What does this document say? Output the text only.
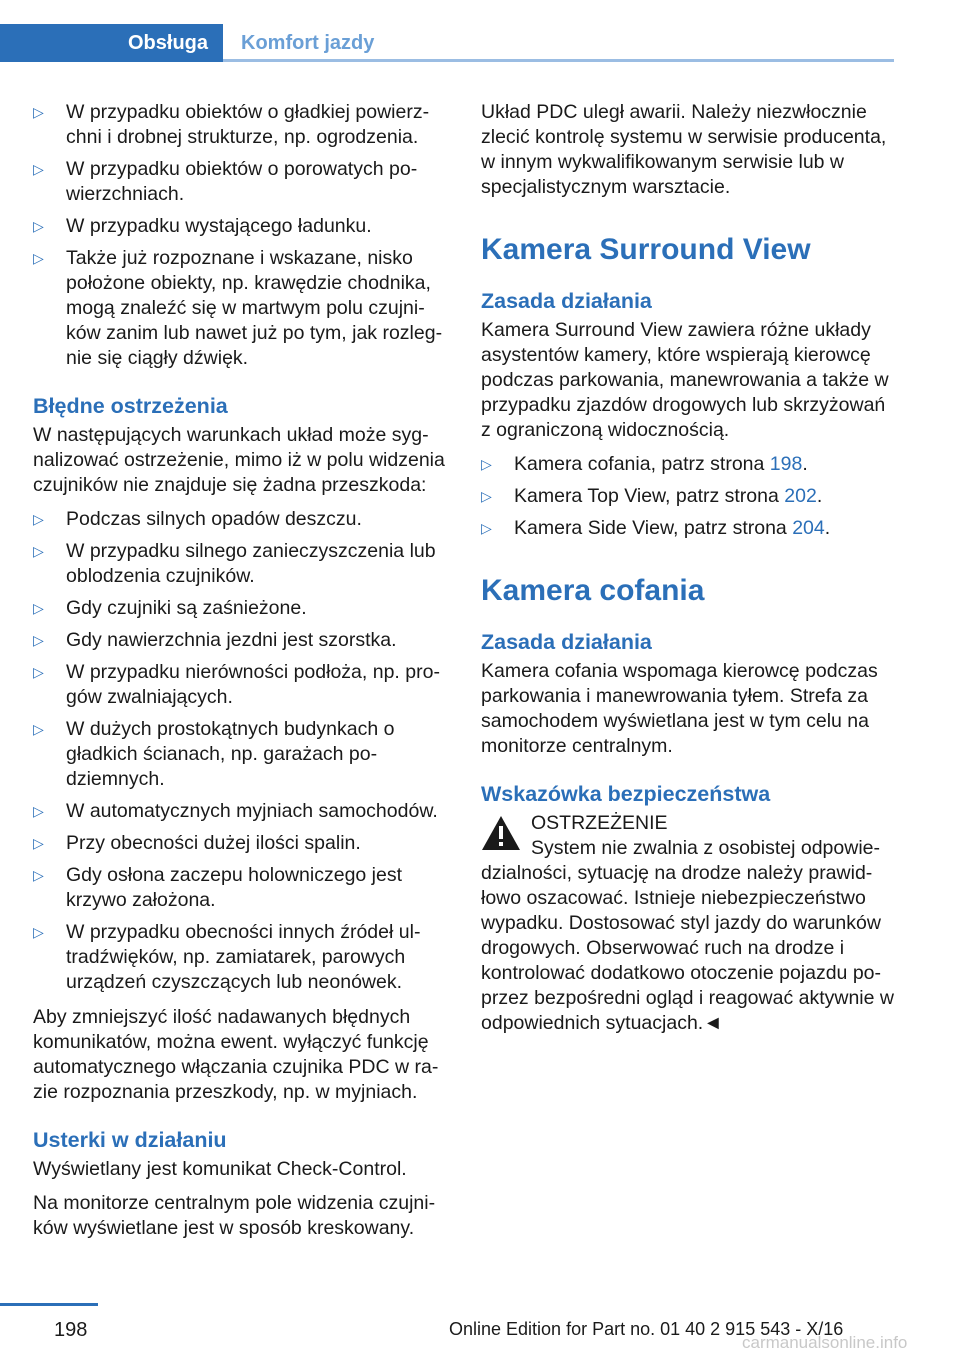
Obsługa	Komfort jazdy
▷ W przypadku obiektów o gładkiej powierzchni i drobnej strukturze, np. ogrodzenia.
▷ W przypadku obiektów o porowatych powierzchniach.
▷ W przypadku wystającego ładunku.
▷ Także już rozpoznane i wskazane, nisko położone obiekty, np. krawędzie chodnika, mogą znaleźć się w martwym polu czujników zanim lub nawet już po tym, jak rozlegnie się ciągły dźwięk.
Błędne ostrzeżenia

W następujących warunkach układ może sygnalizować ostrzeżenie, mimo iż w polu widzenia czujników nie znajduje się żadna przeszkoda:

▷ Podczas silnych opadów deszczu.
▷ W przypadku silnego zanieczyszczenia lub oblodzenia czujników.
▷ Gdy czujniki są zaśnieżone.
▷ Gdy nawierzchnia jezdni jest szorstka.
▷ W przypadku nierówności podłoża, np. progów zwalniających.
▷ W dużych prostokątnych budynkach o gładkich ścianach, np. garażach podziemnych.
▷ W automatycznych myjniach samochodów.
▷ Przy obecności dużej ilości spalin.
▷ Gdy osłona zaczepu holowniczego jest krzywo założona.
▷ W przypadku obecności innych źródeł ultradźwięków, np. zamiatarek, parowych urządzeń czyszczących lub neonówek.

Aby zmniejszyć ilość nadawanych błędnych komunikatów, można ewent. wyłączyć funkcję automatycznego włączania czujnika PDC w razie rozpoznania przeszkody, np. w myjniach.

Usterki w działaniu

Wyświetlany jest komunikat Check-Control.

Na monitorze centralnym pole widzenia czujników wyświetlane jest w sposób kreskowany.

Układ PDC uległ awarii. Należy niezwłocznie zlecić kontrolę systemu w serwisie producenta, w innym wykwalifikowanym serwisie lub w specjalistycznym warsztacie.

Kamera Surround View
Zasada działania

Kamera Surround View zawiera różne układy asystentów kamery, które wspierają kierowcę podczas parkowania, manewrowania a także w przypadku zjazdów drogowych lub skrzyżowań z ograniczoną widocznością.

▷ Kamera cofania, patrz strona 198.
▷ Kamera Top View, patrz strona 202.
▷ Kamera Side View, patrz strona 204.
Kamera cofania
Zasada działania

Kamera cofania wspomaga kierowcę podczas parkowania i manewrowania tyłem. Strefa za samochodem wyświetlana jest w tym celu na monitorze centralnym.

Wskazówka bezpieczeństwa
OSTRZEŻENIE

System nie zwalnia z osobistej odpowiedzialności, sytuację na drodze należy prawidłowo oszacować. Istnieje niebezpieczeństwo wypadku. Dostosować styl jazdy do warunków drogowych. Obserwować ruch na drodze i kontrolować dodatkowo otoczenie pojazdu poprzez bezpośredni ogląd i reagować aktywnie w odpowiednich sytuacjach.◄

198	Online Edition for Part no. 01 40 2 915 543 - X/16
carmanualsonline.info
